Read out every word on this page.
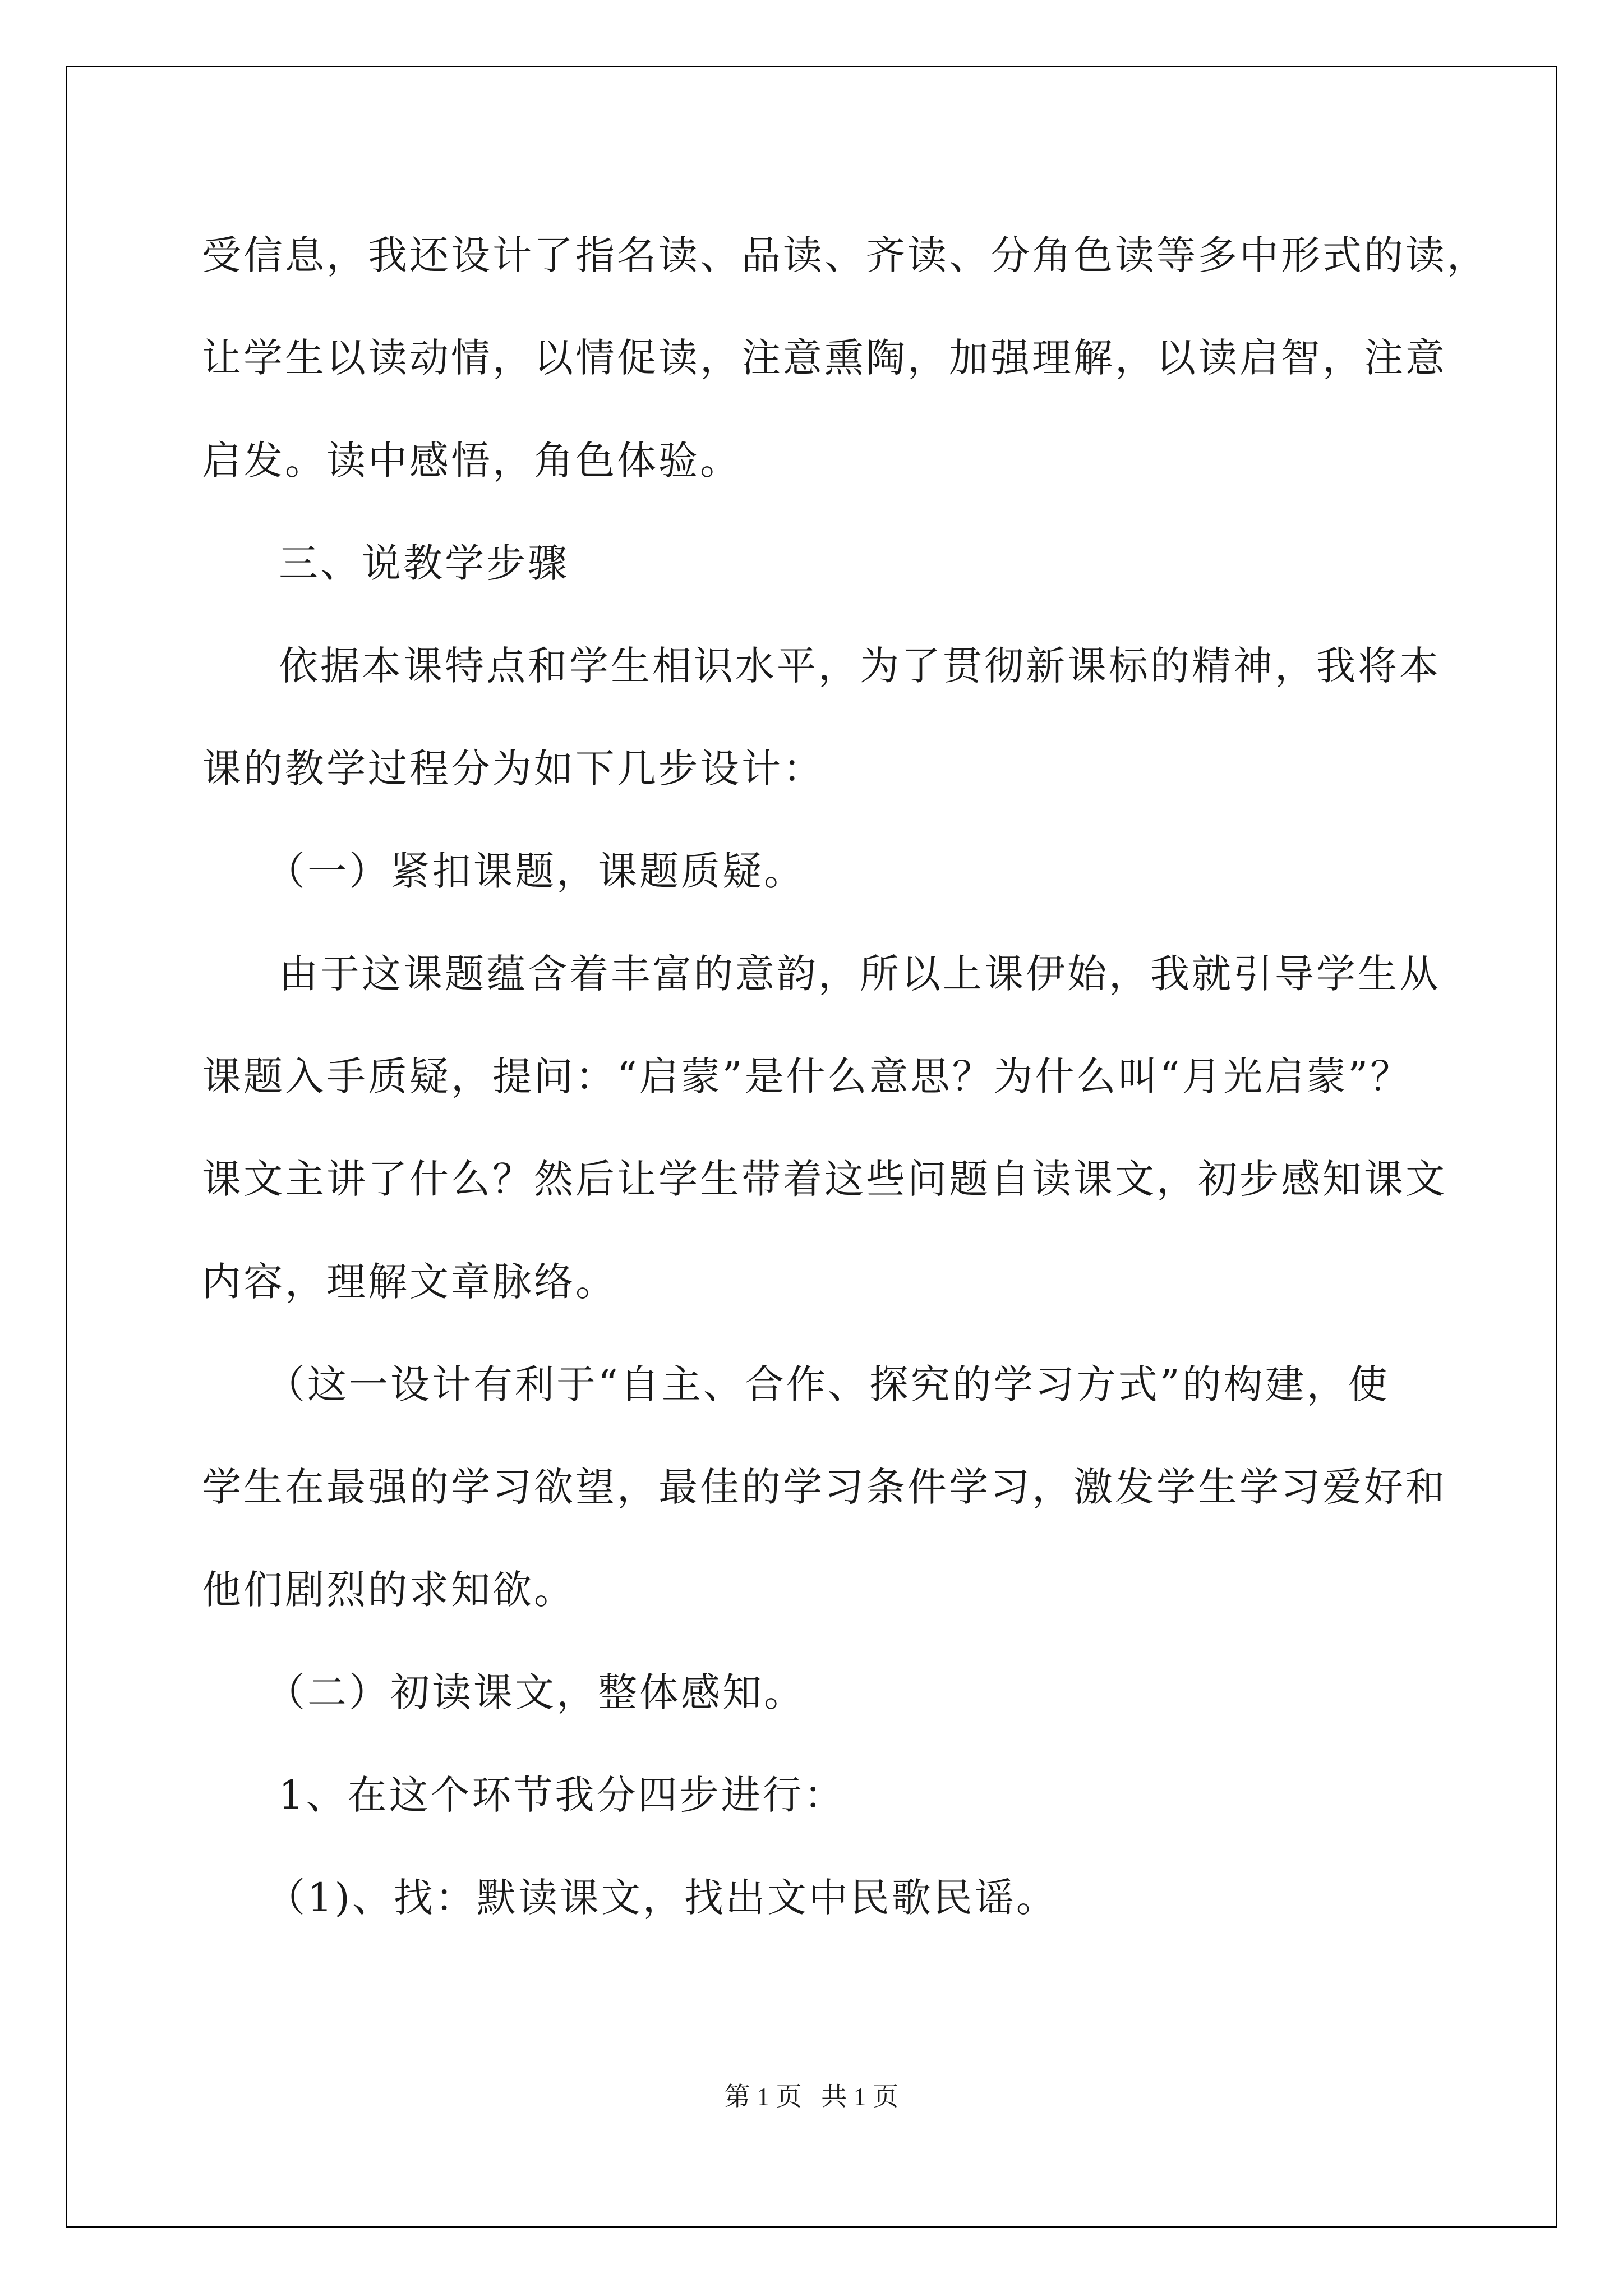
受信息，我还设计了指名读、品读、齐读、分角色读等多中形式的读，
让学生以读动情，以情促读，注意熏陶，加强理解，以读启智，注意
启发。读中感悟，角色体验。
三、说教学步骤
依据本课特点和学生相识水平，为了贯彻新课标的精神，我将本
课的教学过程分为如下几步设计：
（一）紧扣课题，课题质疑。
由于这课题蕴含着丰富的意韵，所以上课伊始，我就引导学生从
课题入手质疑，提问：“启蒙”是什么意思？为什么叫“月光启蒙”？
课文主讲了什么？然后让学生带着这些问题自读课文，初步感知课文
内容，理解文章脉络。
（这一设计有利于“自主、合作、探究的学习方式”的构建，使
学生在最强的学习欲望，最佳的学习条件学习，激发学生学习爱好和
他们剧烈的求知欲。
（二）初读课文，整体感知。
1、在这个环节我分四步进行：
（1)、找：默读课文，找出文中民歌民谣。
第 1 页   共 1 页
